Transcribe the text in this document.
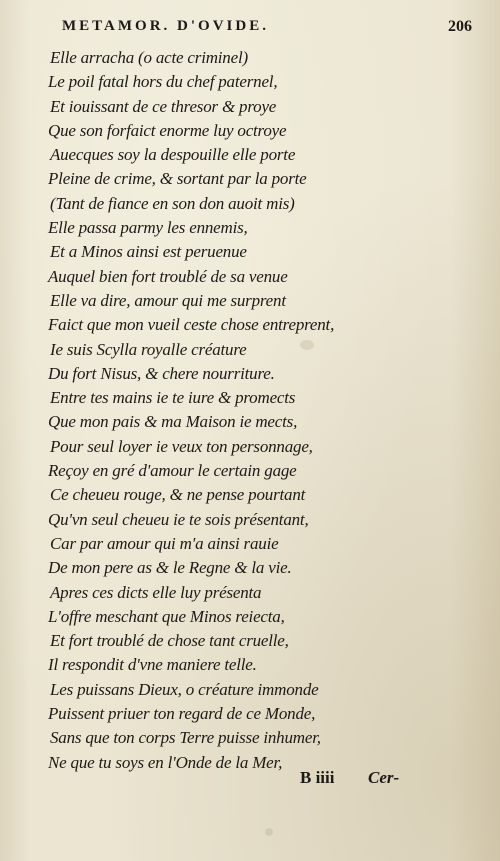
METAMOR. D'OVIDE.	206
Elle arracha (o acte criminel)
Le poil fatal hors du chef paternel,
Et iouissant de ce thresor & proye
Que son forfaict enorme luy octroye
Auecques soy la despouille elle porte
Pleine de crime, & sortant par la porte
(Tant de fiance en son don auoit mis)
Elle passa parmy les ennemis,
Et a Minos ainsi est peruenue
Auquel bien fort troublé de sa venue
Elle va dire, amour qui me surprent
Faict que mon vueil ceste chose entreprent,
Ie suis Scylla royalle créature
Du fort Nisus, & chere nourriture.
Entre tes mains ie te iure & promects
Que mon pais & ma Maison ie mects,
Pour seul loyer ie veux ton personnage,
Reçoy en gré d'amour le certain gage
Ce cheueu rouge, & ne pense pourtant
Qu'vn seul cheueu ie te sois présentant,
Car par amour qui m'a ainsi rauie
De mon pere as & le Regne & la vie.
Apres ces dicts elle luy présenta
L'offre meschant que Minos reiecta,
Et fort troublé de chose tant cruelle,
Il respondit d'vne maniere telle.
Les puissans Dieux, o créature immonde
Puissent priuer ton regard de ce Monde,
Sans que ton corps Terre puisse inhumer,
Ne que tu soys en l'Onde de la Mer,
B iiii Cer-
